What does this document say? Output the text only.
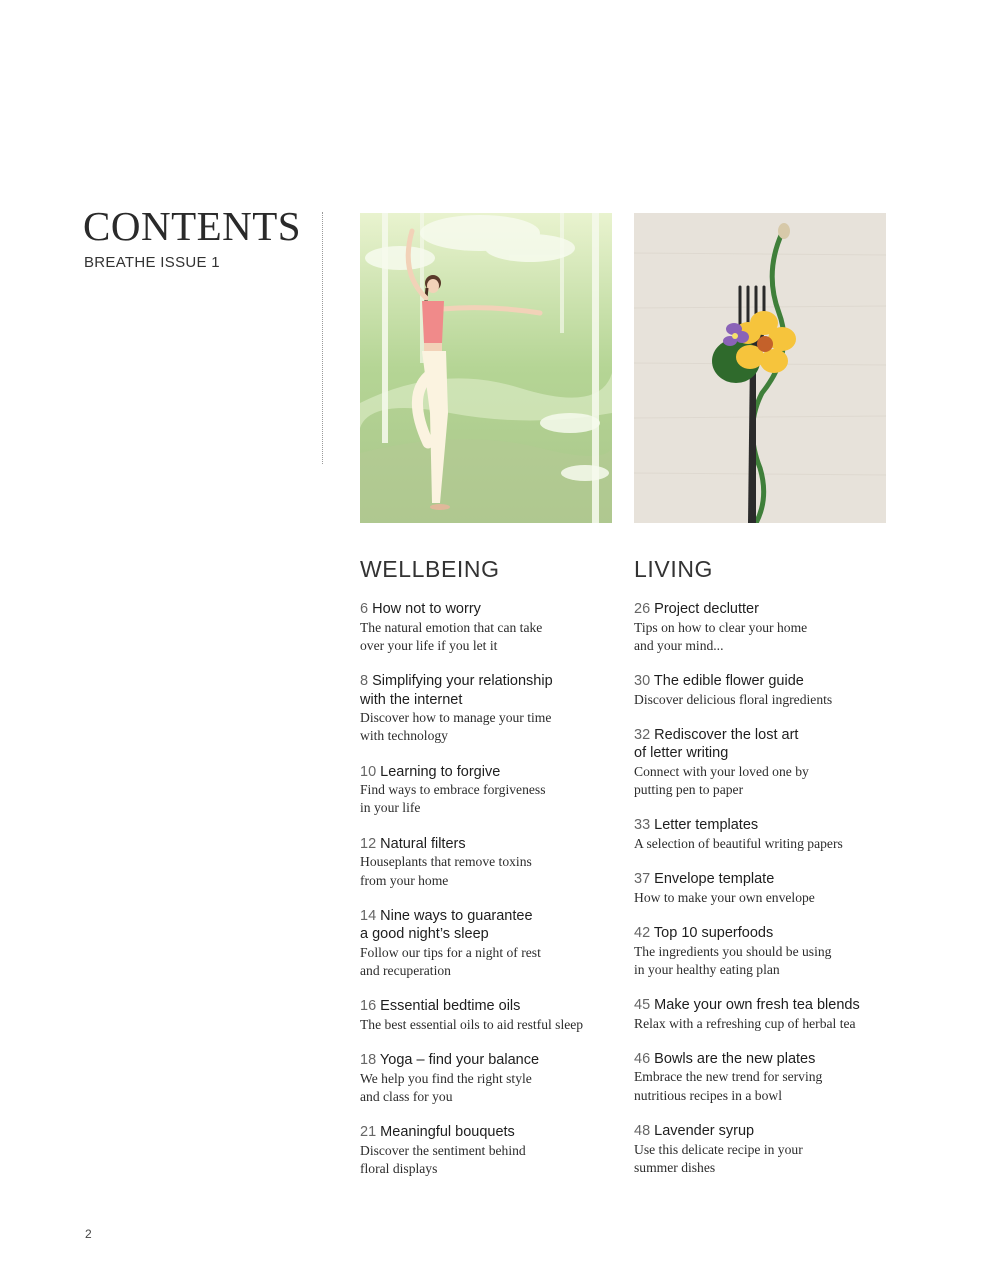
CONTENTS
BREATHE ISSUE 1
WELLBEING	LIVING
6 How not to worry
The natural emotion that can take
over your life if you let it
8 Simplifying your relationship
with the internet
Discover how to manage your time
with technology
10 Learning to forgive
Find ways to embrace forgiveness
in your life
12 Natural filters
Houseplants that remove toxins
from your home
14 Nine ways to guarantee
a good night’s sleep
Follow our tips for a night of rest
and recuperation
16 Essential bedtime oils
The best essential oils to aid restful sleep
18 Yoga – find your balance
We help you find the right style
and class for you
21 Meaningful bouquets
Discover the sentiment behind
floral displays
26 Project declutter
Tips on how to clear your home
and your mind...
30 The edible flower guide
Discover delicious floral ingredients
32 Rediscover the lost art
of letter writing
Connect with your loved one by
putting pen to paper
33 Letter templates
A selection of beautiful writing papers
37 Envelope template
How to make your own envelope
42 Top 10 superfoods
The ingredients you should be using
in your healthy eating plan
45 Make your own fresh tea blends
Relax with a refreshing cup of herbal tea
46 Bowls are the new plates
Embrace the new trend for serving
nutritious recipes in a bowl
48 Lavender syrup
Use this delicate recipe in your
summer dishes
2
